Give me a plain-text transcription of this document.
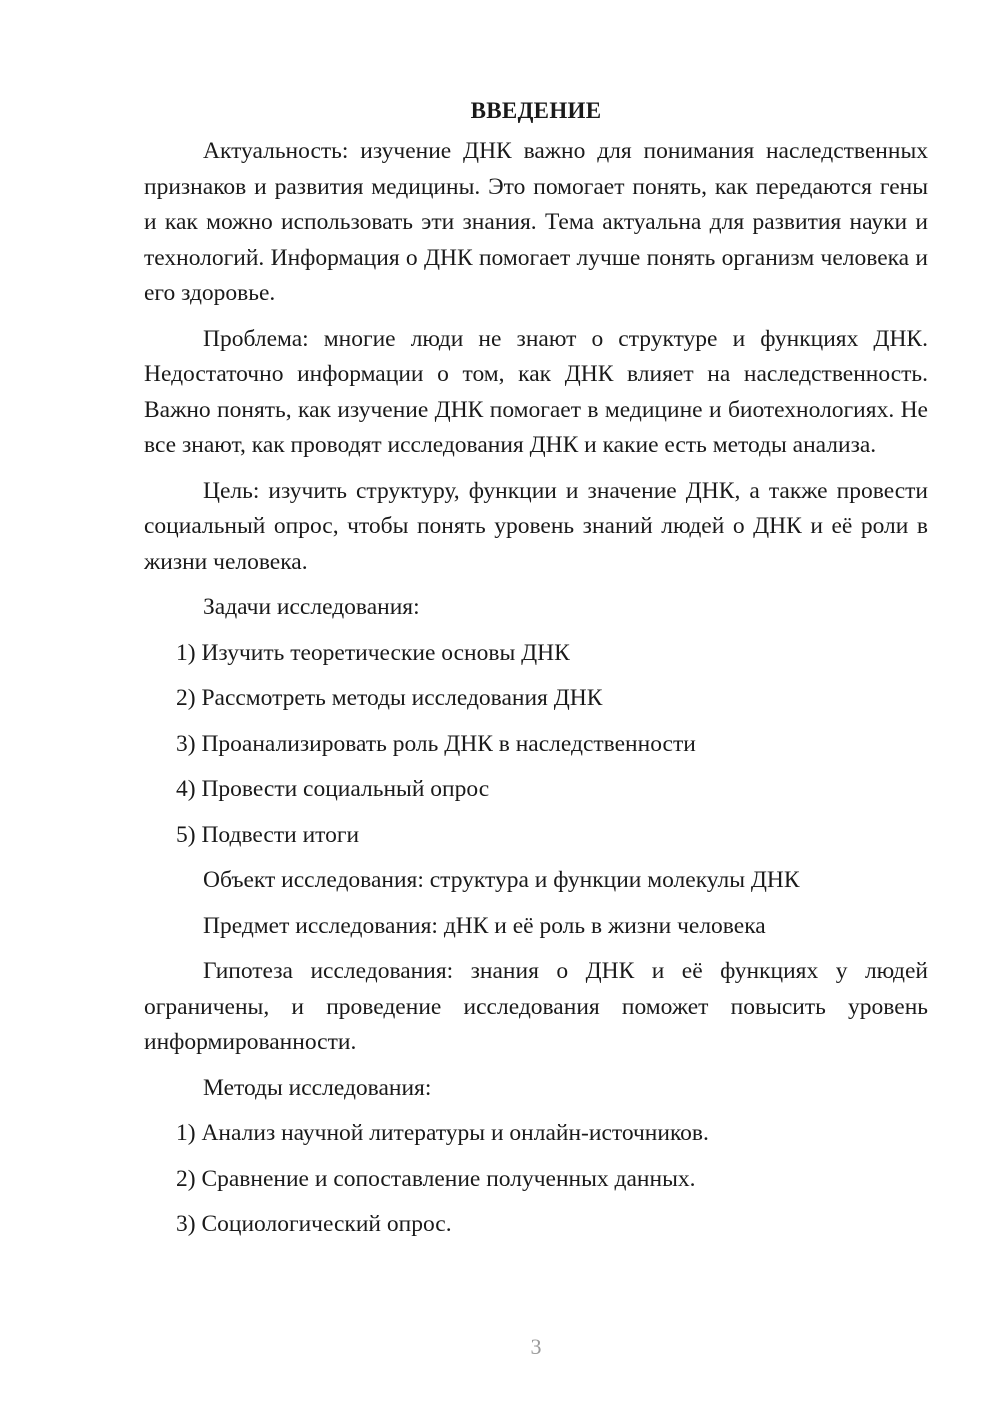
ВВЕДЕНИЕ

Актуальность: изучение ДНК важно для понимания наследственных признаков и развития медицины. Это помогает понять, как передаются гены и как можно использовать эти знания. Тема актуальна для развития науки и технологий. Информация о ДНК помогает лучше понять организм человека и его здоровье.

Проблема: многие люди не знают о структуре и функциях ДНК. Недостаточно информации о том, как ДНК влияет на наследственность. Важно понять, как изучение ДНК помогает в медицине и биотехнологиях. Не все знают, как проводят исследования ДНК и какие есть методы анализа.

Цель: изучить структуру, функции и значение ДНК, а также провести социальный опрос, чтобы понять уровень знаний людей о ДНК и её роли в жизни человека.

Задачи исследования:

1) Изучить теоретические основы ДНК
2) Рассмотреть методы исследования ДНК
3) Проанализировать роль ДНК в наследственности
4) Провести социальный опрос
5) Подвести итоги

Объект исследования: структура и функции молекулы ДНК

Предмет исследования: дНК и её роль в жизни человека

Гипотеза исследования: знания о ДНК и её функциях у людей ограничены, и проведение исследования поможет повысить уровень информированности.

Методы исследования:

1) Анализ научной литературы и онлайн-источников.
2) Сравнение и сопоставление полученных данных.
3) Социологический опрос.
3
